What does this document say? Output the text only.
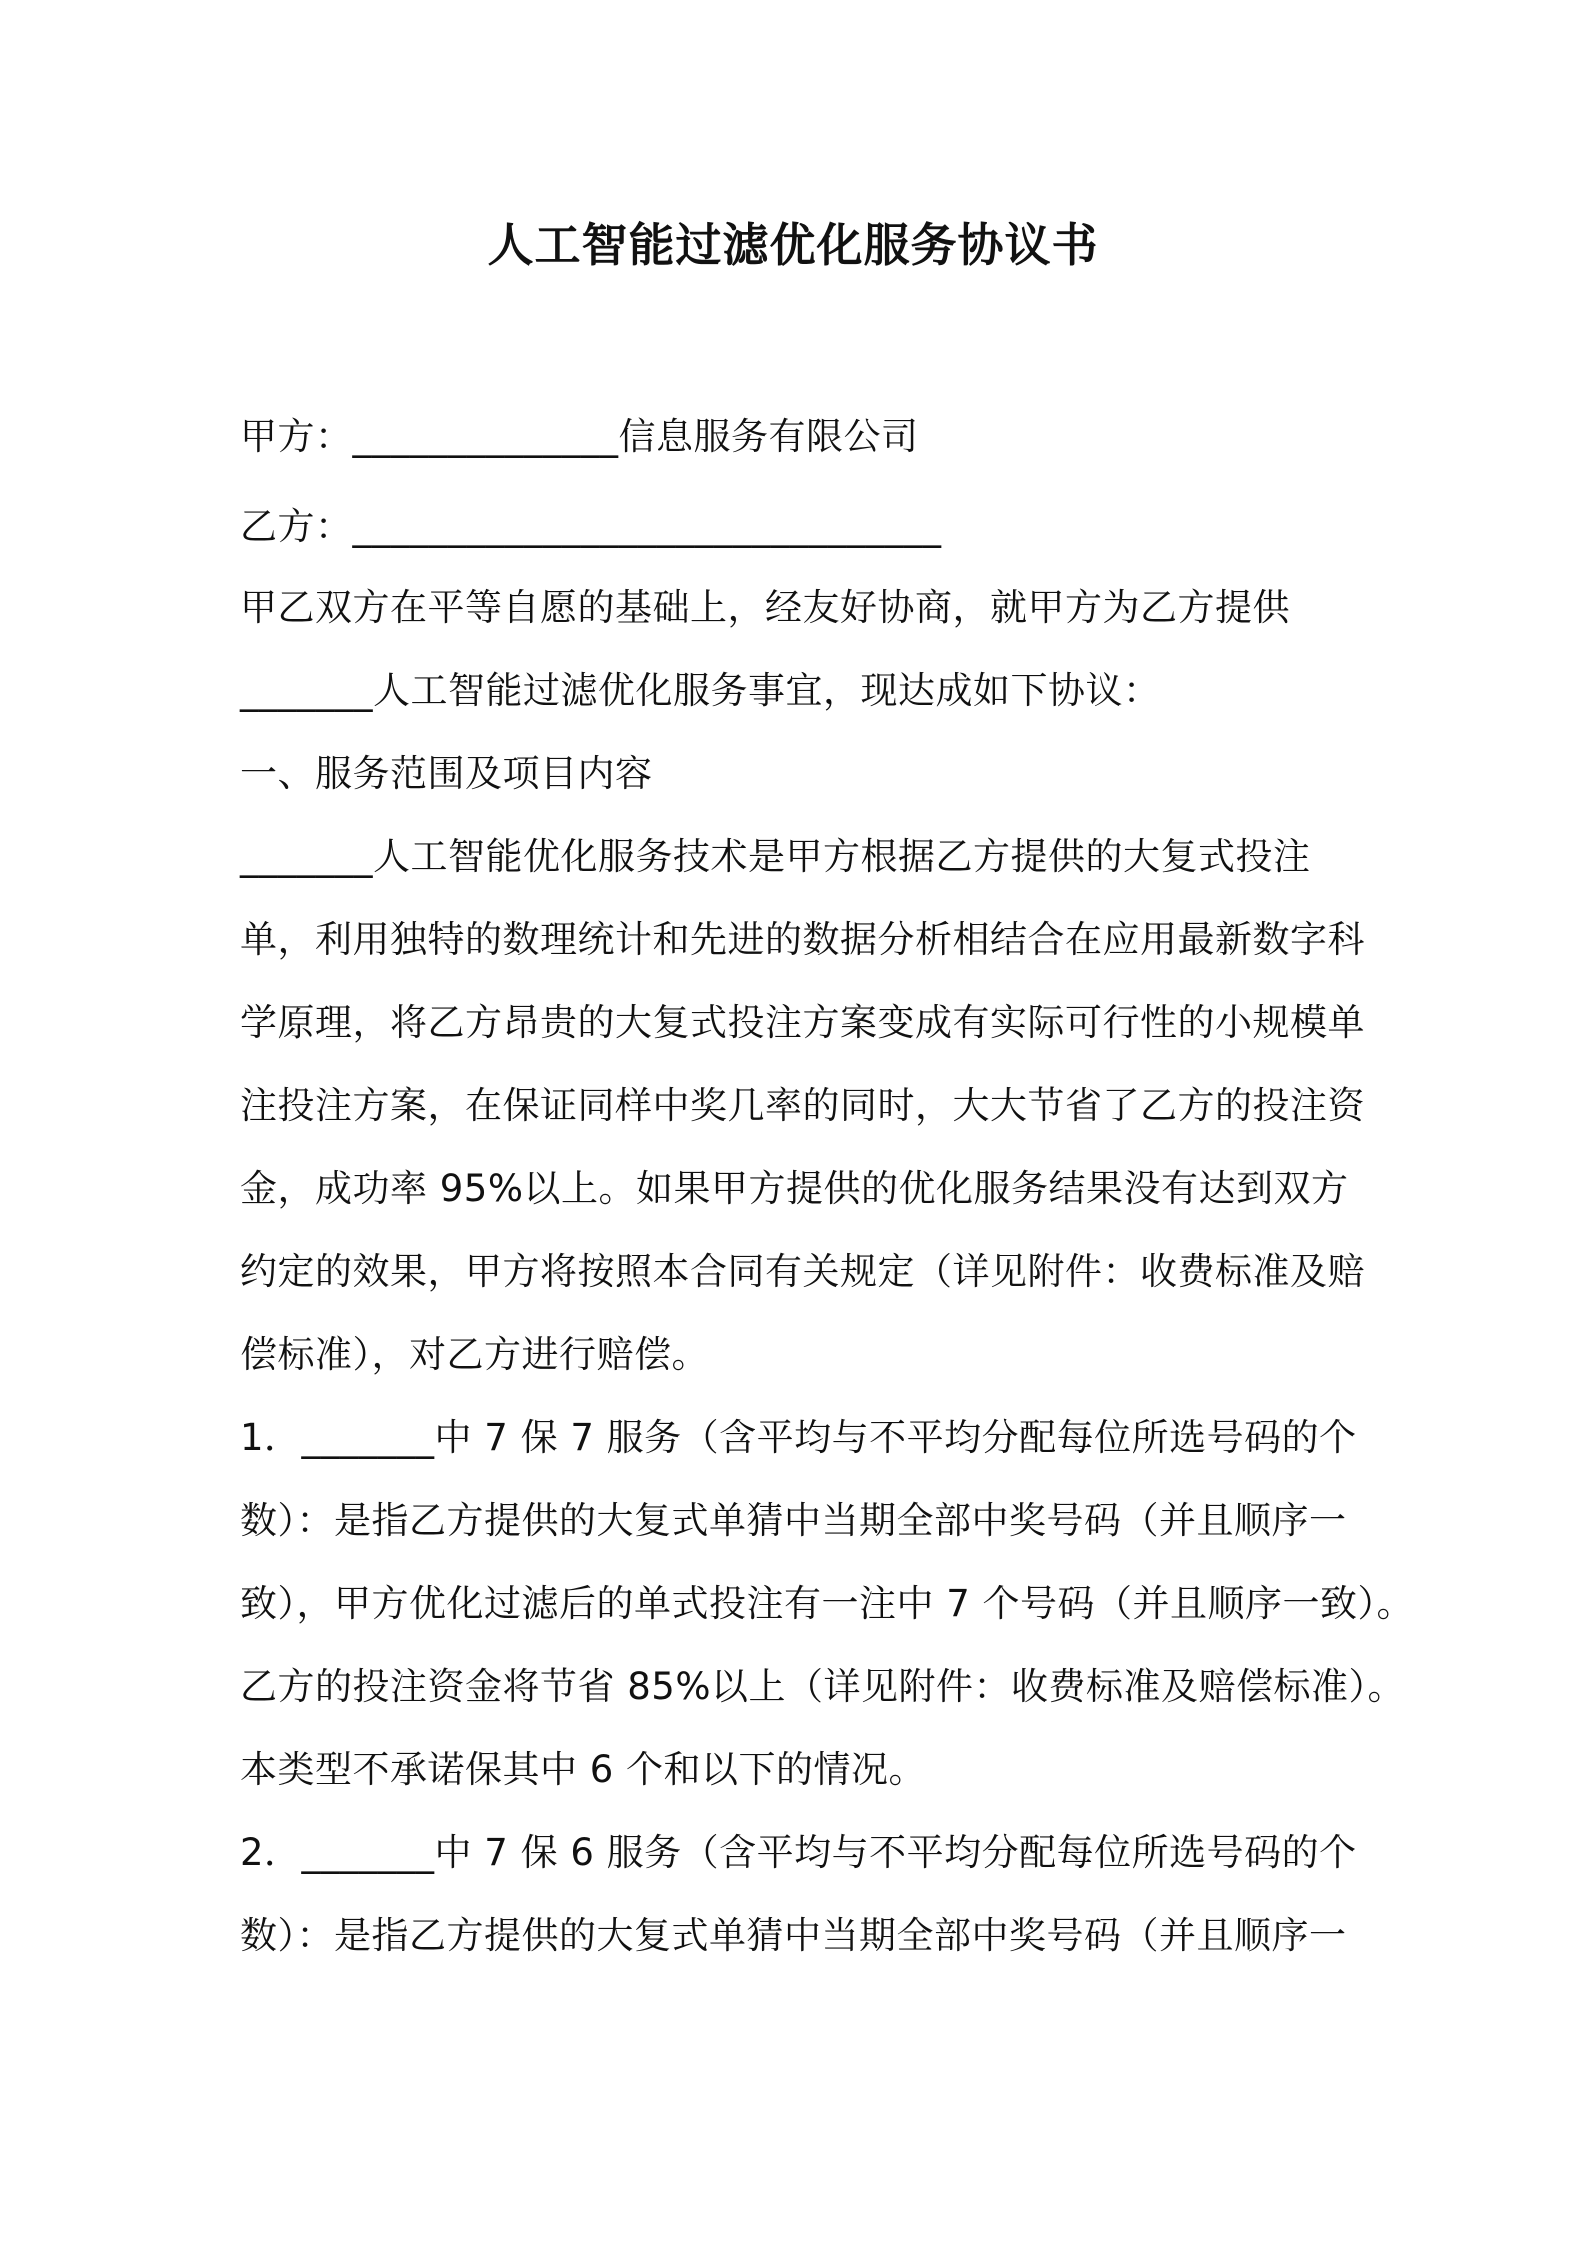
人工智能过滤优化服务协议书
甲方：______________信息服务有限公司
乙方：_______________________________
甲乙双方在平等自愿的基础上，经友好协商，就甲方为乙方提供
_______人工智能过滤优化服务事宜，现达成如下协议：
一、服务范围及项目内容
_______人工智能优化服务技术是甲方根据乙方提供的大复式投注
单，利用独特的数理统计和先进的数据分析相结合在应用最新数字科
学原理，将乙方昂贵的大复式投注方案变成有实际可行性的小规模单
注投注方案，在保证同样中奖几率的同时，大大节省了乙方的投注资
金，成功率 95%以上。如果甲方提供的优化服务结果没有达到双方
约定的效果，甲方将按照本合同有关规定（详见附件：收费标准及赔
偿标准），对乙方进行赔偿。
1．_______中 7 保 7 服务（含平均与不平均分配每位所选号码的个
数）：是指乙方提供的大复式单猜中当期全部中奖号码（并且顺序一
致），甲方优化过滤后的单式投注有一注中 7 个号码（并且顺序一致）。
乙方的投注资金将节省 85%以上（详见附件：收费标准及赔偿标准）。
本类型不承诺保其中 6 个和以下的情况。
2．_______中 7 保 6 服务（含平均与不平均分配每位所选号码的个
数）：是指乙方提供的大复式单猜中当期全部中奖号码（并且顺序一
